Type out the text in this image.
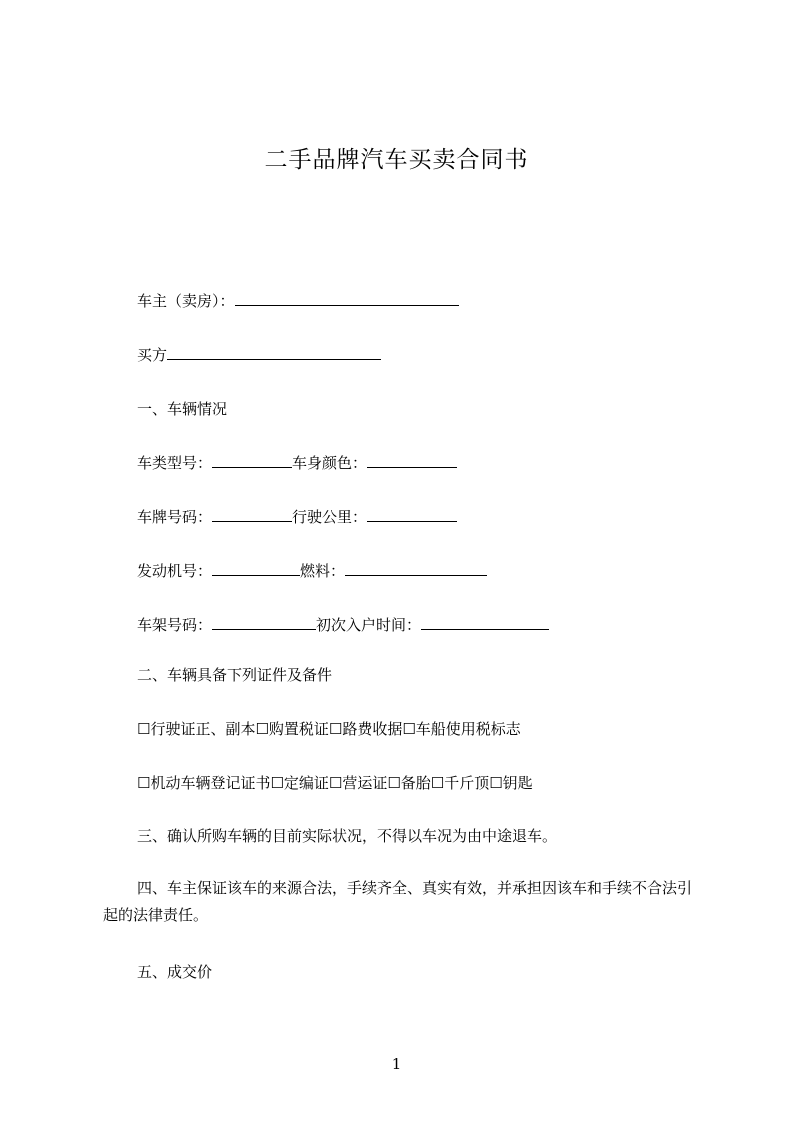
二手品牌汽车买卖合同书
车主（卖房）：
买方
一、车辆情况
车类型号：	车身颜色：
车牌号码：	行驶公里：
发动机号：	燃料：
车架号码：	初次入户时间：
二、车辆具备下列证件及备件
☐行驶证正、副本☐购置税证☐路费收据☐车船使用税标志
☐机动车辆登记证书☐定编证☐营运证☐备胎☐千斤顶☐钥匙
三、确认所购车辆的目前实际状况，不得以车况为由中途退车。
四、车主保证该车的来源合法，手续齐全、真实有效，并承担因该车和手续不合法引起的法律责任。
五、成交价
1
